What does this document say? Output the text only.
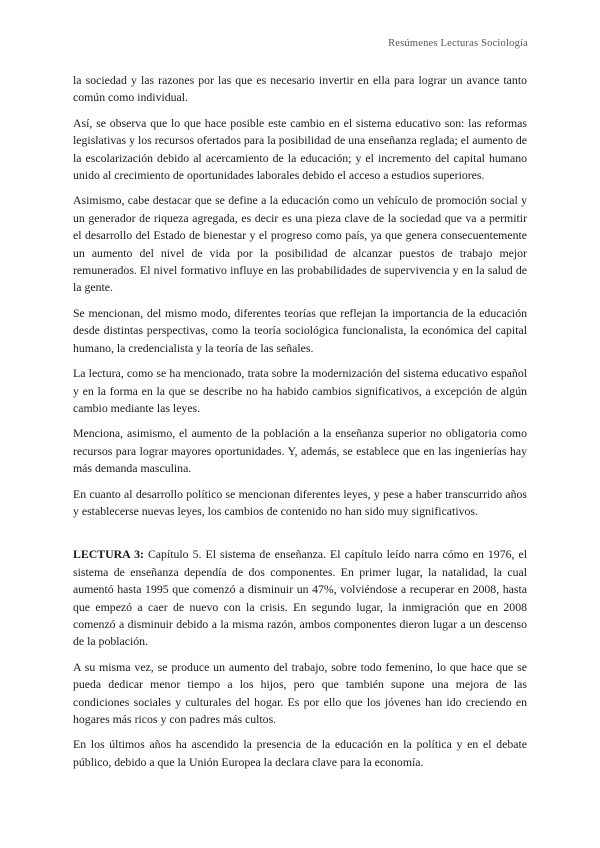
Resúmenes Lecturas Sociología

la sociedad y las razones por las que es necesario invertir en ella para lograr un avance tanto común como individual.

Así, se observa que lo que hace posible este cambio en el sistema educativo son: las reformas legislativas y los recursos ofertados para la posibilidad de una enseñanza reglada; el aumento de la escolarización debido al acercamiento de la educación; y el incremento del capital humano unido al crecimiento de oportunidades laborales debido el acceso a estudios superiores.

Asimismo, cabe destacar que se define a la educación como un vehículo de promoción social y un generador de riqueza agregada, es decir es una pieza clave de la sociedad que va a permitir el desarrollo del Estado de bienestar y el progreso como país, ya que genera consecuentemente un aumento del nivel de vida por la posibilidad de alcanzar puestos de trabajo mejor remunerados. El nivel formativo influye en las probabilidades de supervivencia y en la salud de la gente.

Se mencionan, del mismo modo, diferentes teorías que reflejan la importancia de la educación desde distintas perspectivas, como la teoría sociológica funcionalista, la económica del capital humano, la credencialista y la teoría de las señales.

La lectura, como se ha mencionado, trata sobre la modernización del sistema educativo español y en la forma en la que se describe no ha habido cambios significativos, a excepción de algún cambio mediante las leyes.

Menciona, asimismo, el aumento de la población a la enseñanza superior no obligatoria como recursos para lograr mayores oportunidades. Y, además, se establece que en las ingenierías hay más demanda masculina.

En cuanto al desarrollo político se mencionan diferentes leyes, y pese a haber transcurrido años y establecerse nuevas leyes, los cambios de contenido no han sido muy significativos.

LECTURA 3: Capítulo 5. El sistema de enseñanza. El capítulo leído narra cómo en 1976, el sistema de enseñanza dependía de dos componentes. En primer lugar, la natalidad, la cual aumentó hasta 1995 que comenzó a disminuir un 47%, volviéndose a recuperar en 2008, hasta que empezó a caer de nuevo con la crisis. En segundo lugar, la inmigración que en 2008 comenzó a disminuir debido a la misma razón, ambos componentes dieron lugar a un descenso de la población.

A su misma vez, se produce un aumento del trabajo, sobre todo femenino, lo que hace que se pueda dedicar menor tiempo a los hijos, pero que también supone una mejora de las condiciones sociales y culturales del hogar. Es por ello que los jóvenes han ido creciendo en hogares más ricos y con padres más cultos.

En los últimos años ha ascendido la presencia de la educación en la política y en el debate público, debido a que la Unión Europea la declara clave para la economía.
